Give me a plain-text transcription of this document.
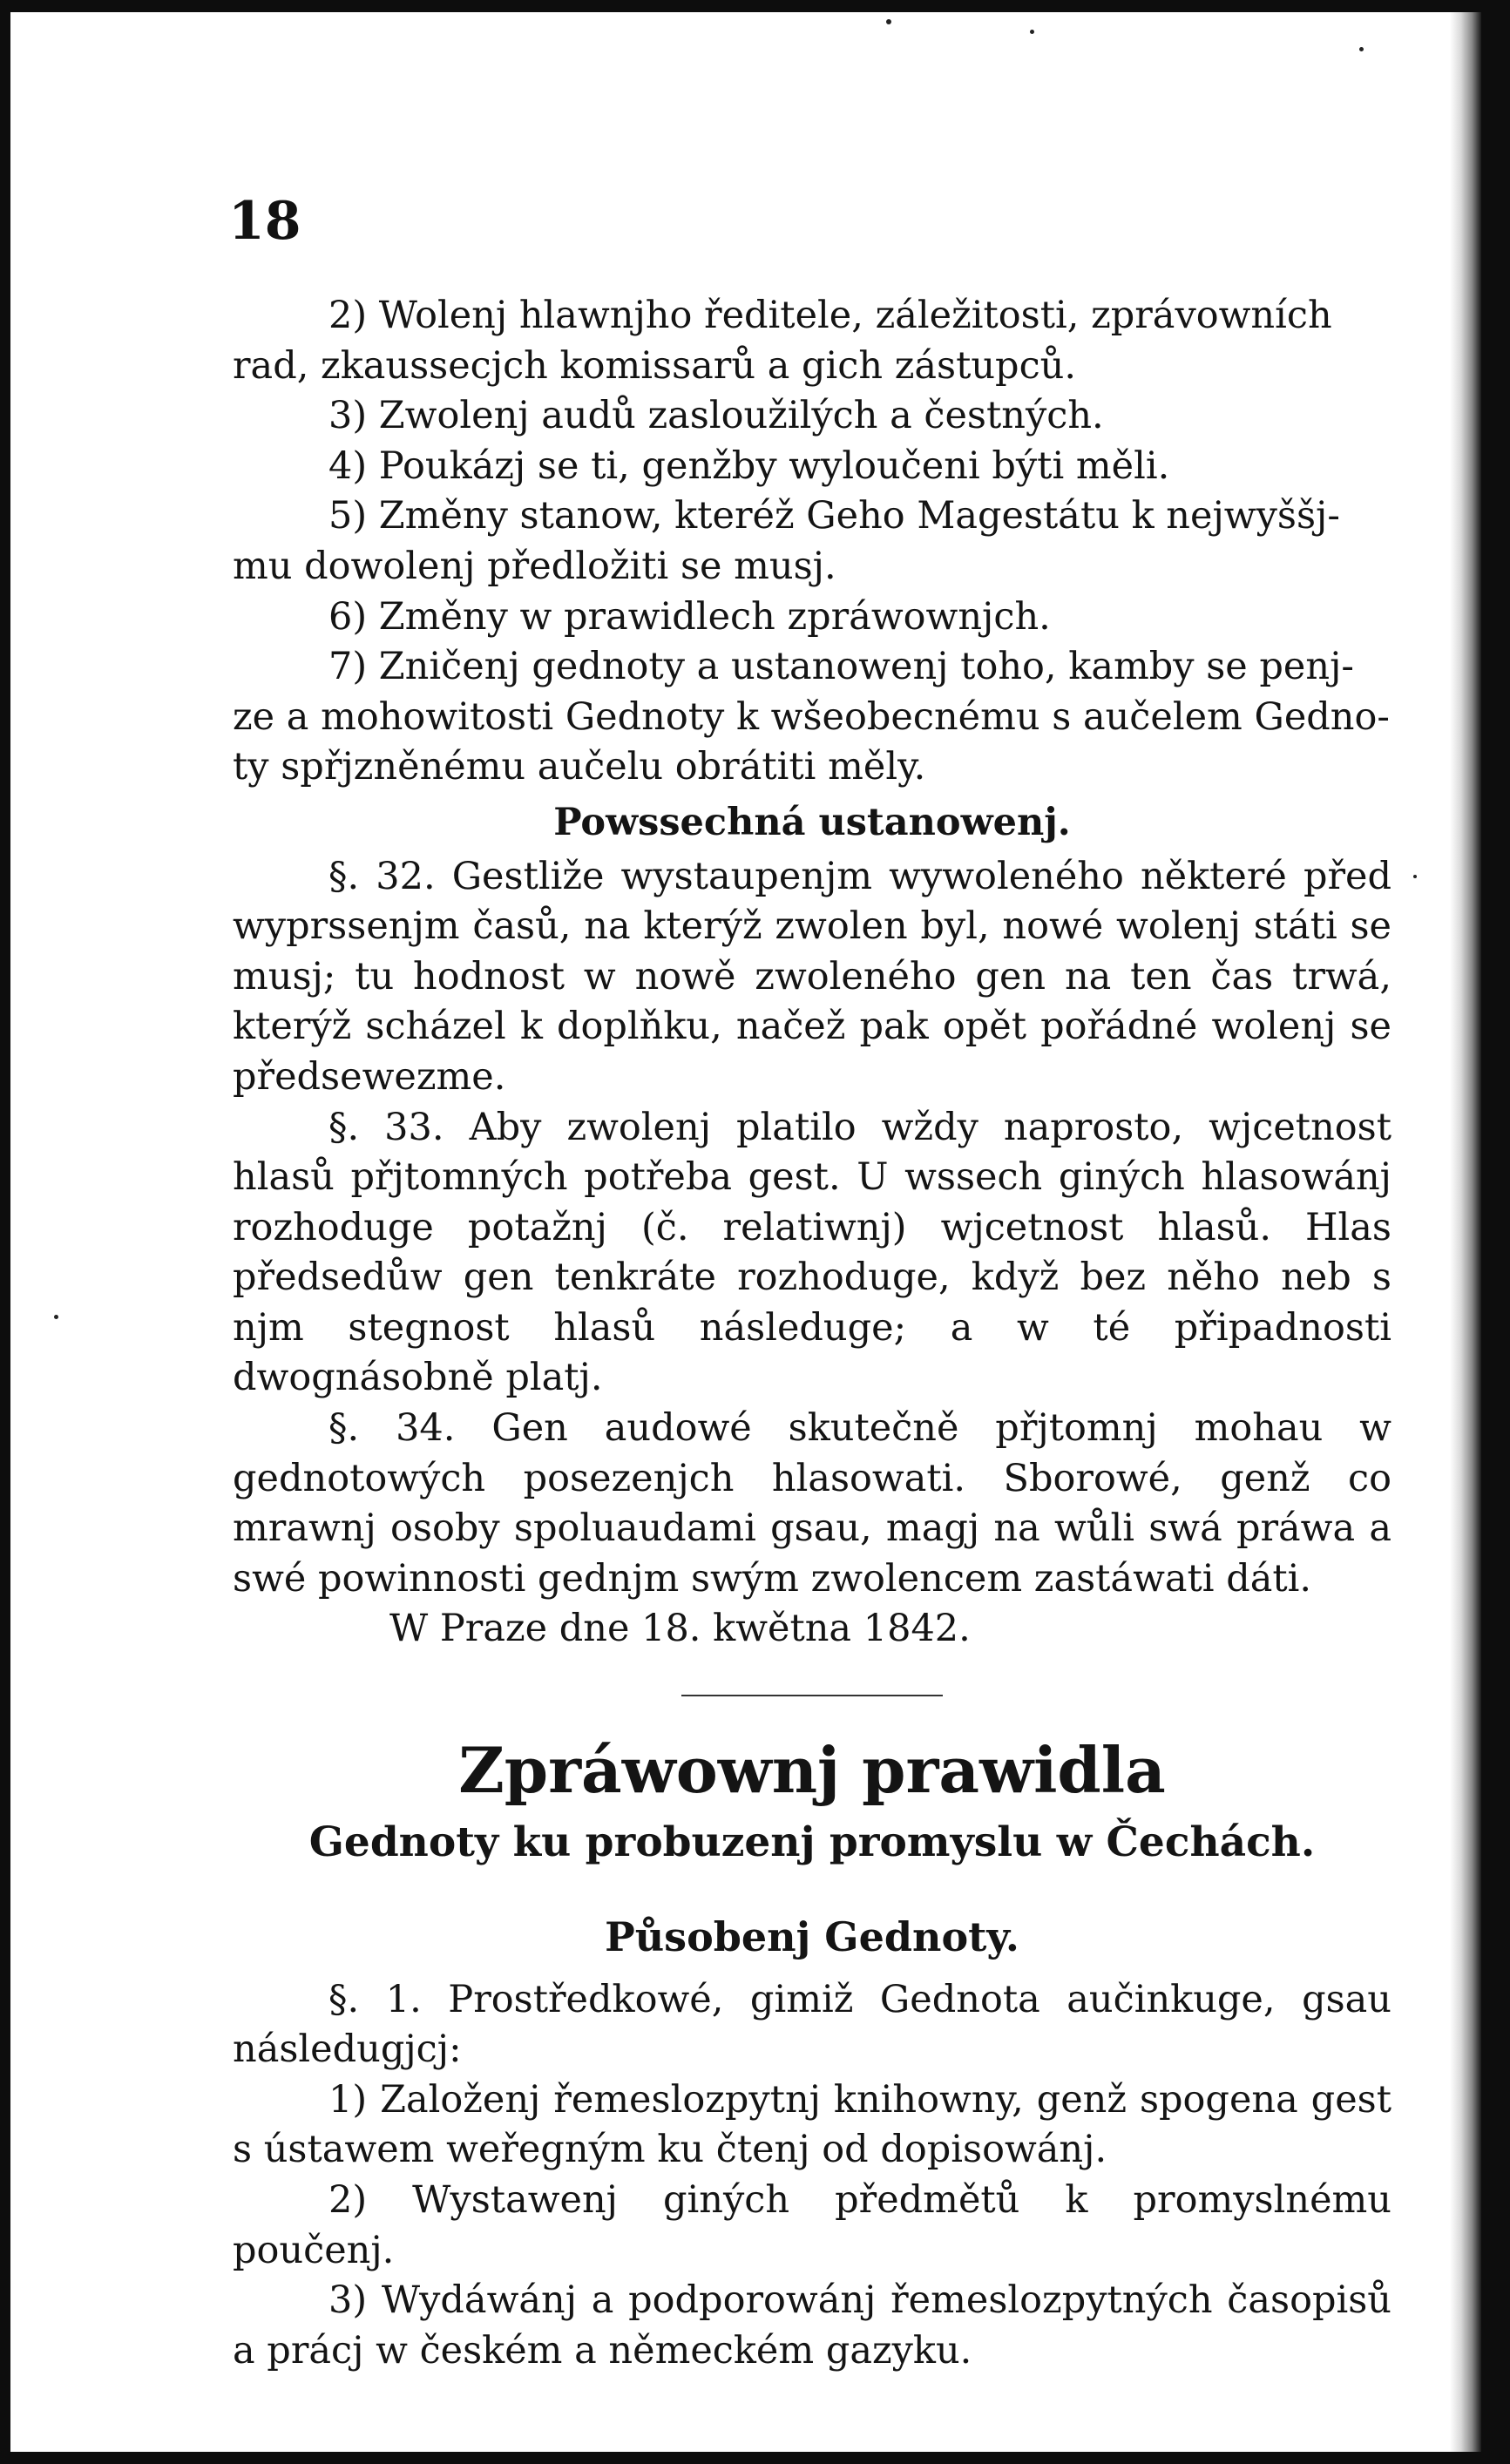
18

2) Wolenj hlawnjho ředitele, záležitosti, zprávowních

rad, zkaussecjch komissarů a gich zástupců.

3) Zwolenj audů zasloužilých a čestných.

4) Poukázj se ti, genžby wyloučeni býti měli.

5) Změny stanow, kteréž Geho Magestátu k nejwyššj-

mu dowolenj předložiti se musj.

6) Změny w prawidlech zpráwownjch.

7) Zničenj gednoty a ustanowenj toho, kamby se penj-

ze a mohowitosti Gednoty k wšeobecnému s aučelem Gedno-

ty spřjzněnému aučelu obrátiti měly.

Powssechná ustanowenj.

§. 32. Gestliže wystaupenjm wywoleného některé před wyprssenjm časů, na kterýž zwolen byl, nowé wolenj státi se musj; tu hodnost w nowě zwoleného gen na ten čas trwá, kterýž scházel k doplňku, načež pak opět pořádné wolenj se předsewezme.

§. 33. Aby zwolenj platilo wždy naprosto, wjcetnost hlasů přjtomných potřeba gest. U wssech giných hlasowánj rozhoduge potažnj (č. relatiwnj) wjcetnost hlasů. Hlas předsedůw gen tenkráte rozhoduge, když bez něho neb s njm stegnost hlasů následuge; a w té připadnosti dwognásobně platj.

§. 34. Gen audowé skutečně přjtomnj mohau w gednotowých posezenjch hlasowati. Sborowé, genž co mrawnj osoby spoluaudami gsau, magj na wůli swá práwa a swé powinnosti gednjm swým zwolencem zastáwati dáti.

W Praze dne 18. kwětna 1842.

Zpráwownj prawidla

Gednoty ku probuzenj promyslu w Čechách.

Působenj Gednoty.

§. 1. Prostředkowé, gimiž Gednota aučinkuge, gsau následugjcj:

1) Založenj řemeslozpytnj knihowny, genž spogena gest s ústawem weřegným ku čtenj od dopisowánj.

2) Wystawenj giných předmětů k promyslnému poučenj.

3) Wydáwánj a podporowánj řemeslozpytných časopisů a prácj w českém a německém gazyku.
